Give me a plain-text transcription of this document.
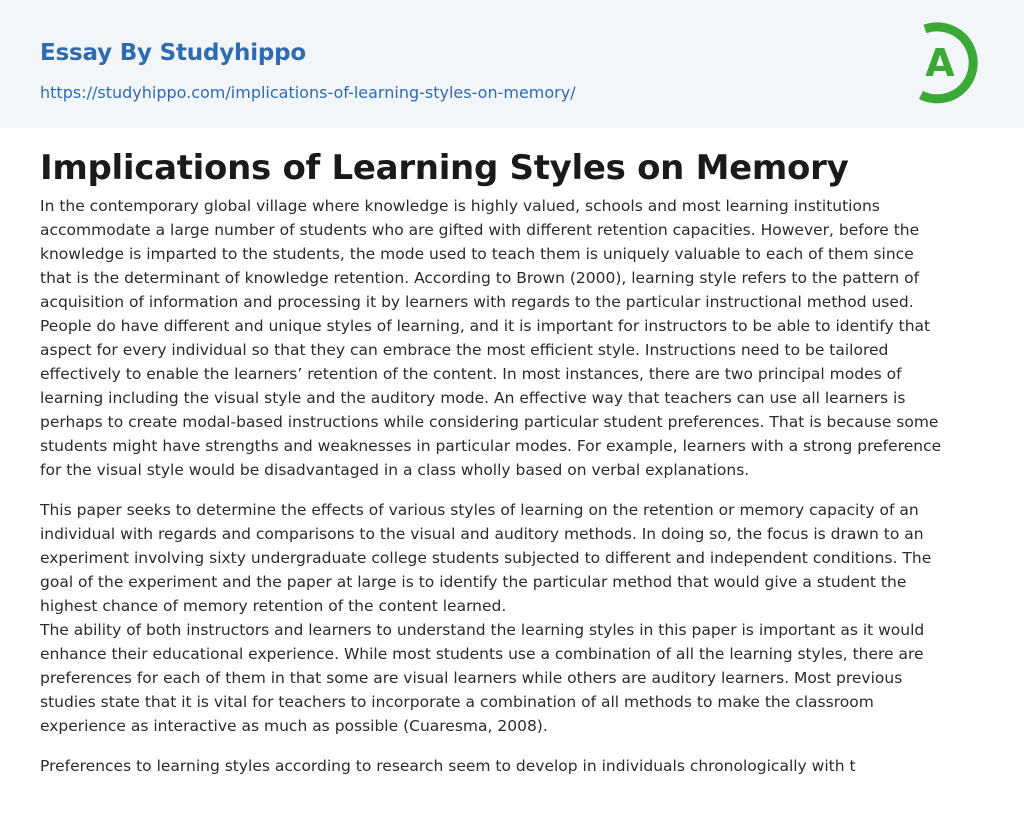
Essay By Studyhippo
https://studyhippo.com/implications-of-learning-styles-on-memory/
A
Implications of Learning Styles on Memory

In the contemporary global village where knowledge is highly valued, schools and most learning institutions
accommodate a large number of students who are gifted with different retention capacities. However, before the
knowledge is imparted to the students, the mode used to teach them is uniquely valuable to each of them since
that is the determinant of knowledge retention. According to Brown (2000), learning style refers to the pattern of
acquisition of information and processing it by learners with regards to the particular instructional method used.
People do have different and unique styles of learning, and it is important for instructors to be able to identify that
aspect for every individual so that they can embrace the most efficient style. Instructions need to be tailored
effectively to enable the learners’ retention of the content. In most instances, there are two principal modes of
learning including the visual style and the auditory mode. An effective way that teachers can use all learners is
perhaps to create modal-based instructions while considering particular student preferences. That is because some
students might have strengths and weaknesses in particular modes. For example, learners with a strong preference
for the visual style would be disadvantaged in a class wholly based on verbal explanations.

This paper seeks to determine the effects of various styles of learning on the retention or memory capacity of an
individual with regards and comparisons to the visual and auditory methods. In doing so, the focus is drawn to an
experiment involving sixty undergraduate college students subjected to different and independent conditions. The
goal of the experiment and the paper at large is to identify the particular method that would give a student the
highest chance of memory retention of the content learned.
The ability of both instructors and learners to understand the learning styles in this paper is important as it would
enhance their educational experience. While most students use a combination of all the learning styles, there are
preferences for each of them in that some are visual learners while others are auditory learners. Most previous
studies state that it is vital for teachers to incorporate a combination of all methods to make the classroom
experience as interactive as much as possible (Cuaresma, 2008).

Preferences to learning styles according to research seem to develop in individuals chronologically with t
